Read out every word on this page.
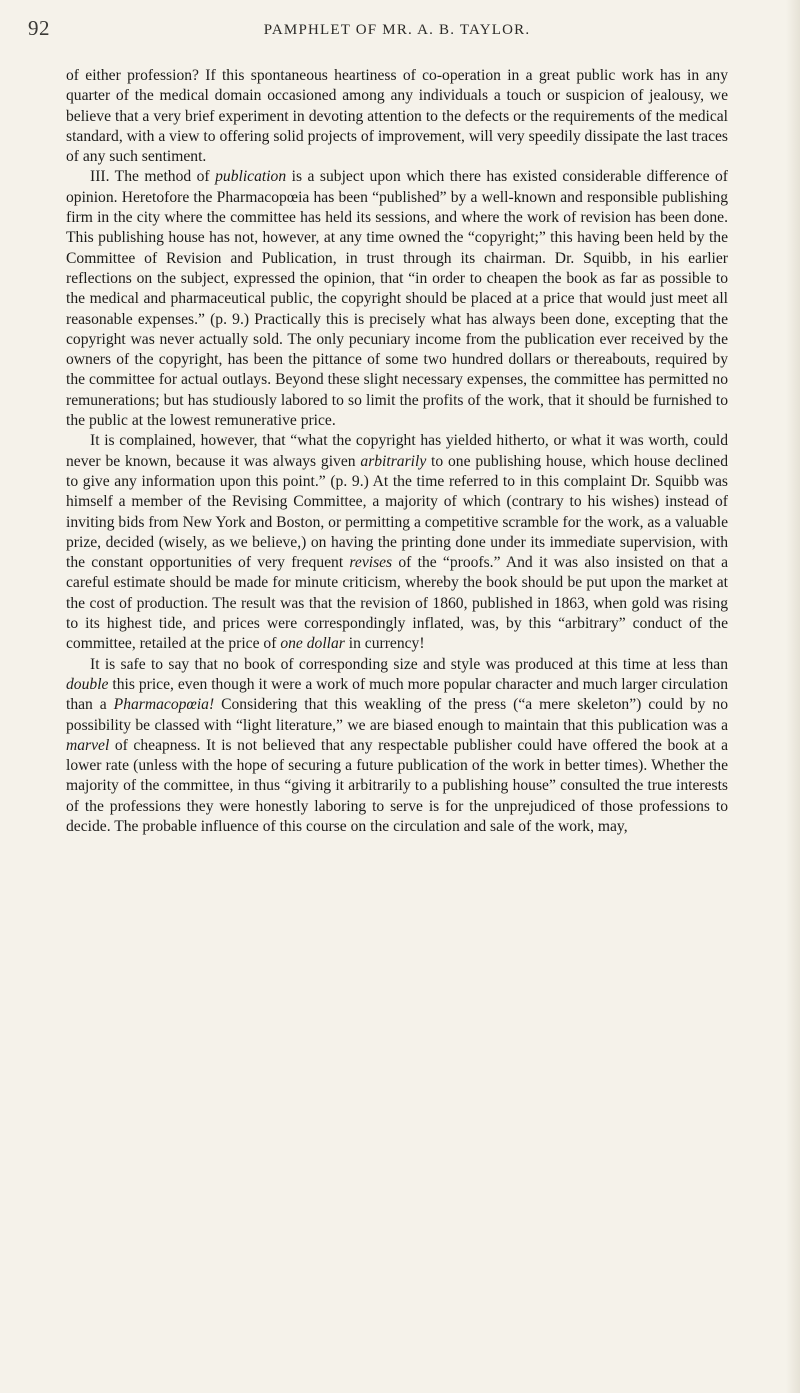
92	PAMPHLET OF MR. A. B. TAYLOR.

of either profession? If this spontaneous heartiness of co-operation in a great public work has in any quarter of the medical domain occasioned among any individuals a touch or suspicion of jealousy, we believe that a very brief experiment in devoting attention to the defects or the requirements of the medical standard, with a view to offering solid projects of improvement, will very speedily dissipate the last traces of any such sentiment.

III. The method of publication is a subject upon which there has existed considerable difference of opinion. Heretofore the Pharmacopœia has been “published” by a well-known and responsible publishing firm in the city where the committee has held its sessions, and where the work of revision has been done. This publishing house has not, however, at any time owned the “copyright;” this having been held by the Committee of Revision and Publication, in trust through its chairman. Dr. Squibb, in his earlier reflections on the subject, expressed the opinion, that “in order to cheapen the book as far as possible to the medical and pharmaceutical public, the copyright should be placed at a price that would just meet all reasonable expenses.” (p. 9.) Practically this is precisely what has always been done, excepting that the copyright was never actually sold. The only pecuniary income from the publication ever received by the owners of the copyright, has been the pittance of some two hundred dollars or thereabouts, required by the committee for actual outlays. Beyond these slight necessary expenses, the committee has permitted no remunerations; but has studiously labored to so limit the profits of the work, that it should be furnished to the public at the lowest remunerative price.

It is complained, however, that “what the copyright has yielded hitherto, or what it was worth, could never be known, because it was always given arbitrarily to one publishing house, which house declined to give any information upon this point.” (p. 9.) At the time referred to in this complaint Dr. Squibb was himself a member of the Revising Committee, a majority of which (contrary to his wishes) instead of inviting bids from New York and Boston, or permitting a competitive scramble for the work, as a valuable prize, decided (wisely, as we believe,) on having the printing done under its immediate supervision, with the constant opportunities of very frequent revises of the “proofs.” And it was also insisted on that a careful estimate should be made for minute criticism, whereby the book should be put upon the market at the cost of production. The result was that the revision of 1860, published in 1863, when gold was rising to its highest tide, and prices were correspondingly inflated, was, by this “arbitrary” conduct of the committee, retailed at the price of one dollar in currency!

It is safe to say that no book of corresponding size and style was produced at this time at less than double this price, even though it were a work of much more popular character and much larger circulation than a Pharmacopœia! Considering that this weakling of the press (“a mere skeleton”) could by no possibility be classed with “light literature,” we are biased enough to maintain that this publication was a marvel of cheapness. It is not believed that any respectable publisher could have offered the book at a lower rate (unless with the hope of securing a future publication of the work in better times). Whether the majority of the committee, in thus “giving it arbitrarily to a publishing house” consulted the true interests of the professions they were honestly laboring to serve is for the unprejudiced of those professions to decide. The probable influence of this course on the circulation and sale of the work, may,
